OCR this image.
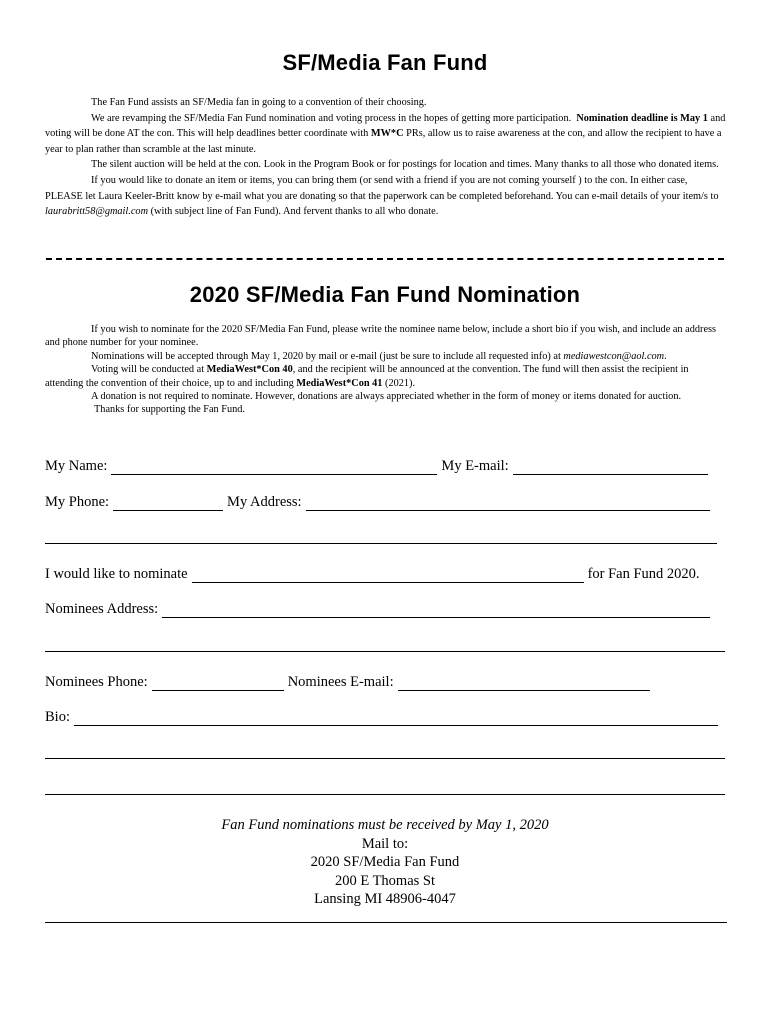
SF/Media Fan Fund

The Fan Fund assists an SF/Media fan in going to a convention of their choosing.

We are revamping the SF/Media Fan Fund nomination and voting process in the hopes of getting more participation. Nomination deadline is May 1 and voting will be done AT the con. This will help deadlines better coordinate with MW*C PRs, allow us to raise awareness at the con, and allow the recipient to have a year to plan rather than scramble at the last minute.

The silent auction will be held at the con. Look in the Program Book or for postings for location and times. Many thanks to all those who donated items.

If you would like to donate an item or items, you can bring them (or send with a friend if you are not coming yourself ) to the con. In either case, PLEASE let Laura Keeler-Britt know by e-mail what you are donating so that the paperwork can be completed beforehand. You can e-mail details of your item/s to laurabritt58@gmail.com (with subject line of Fan Fund). And fervent thanks to all who donate.

2020 SF/Media Fan Fund Nomination

If you wish to nominate for the 2020 SF/Media Fan Fund, please write the nominee name below, include a short bio if you wish, and include an address and phone number for your nominee.

Nominations will be accepted through May 1, 2020 by mail or e-mail (just be sure to include all requested info) at mediawestcon@aol.com.

Voting will be conducted at MediaWest*Con 40, and the recipient will be announced at the convention. The fund will then assist the recipient in attending the convention of their choice, up to and including MediaWest*Con 41 (2021).

A donation is not required to nominate. However, donations are always appreciated whether in the form of money or items donated for auction.

Thanks for supporting the Fan Fund.

My Name:	My E-mail:
My Phone:	My Address:
I would like to nominate	for Fan Fund 2020.
Nominees Address:
Nominees Phone:	Nominees E-mail:
Bio:
Fan Fund nominations must be received by May 1, 2020
Mail to:
2020 SF/Media Fan Fund
200 E Thomas St
Lansing MI 48906-4047
